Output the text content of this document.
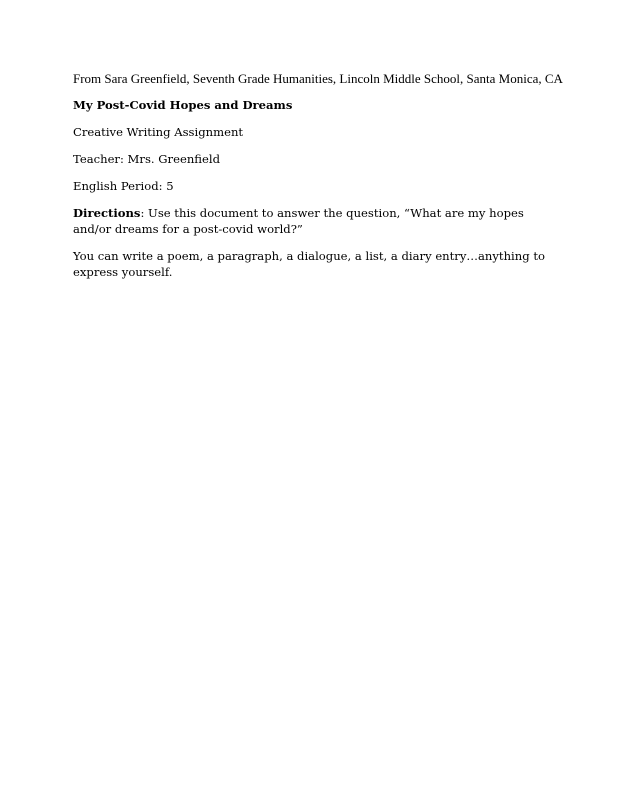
From Sara Greenfield, Seventh Grade Humanities, Lincoln Middle School, Santa Monica, CA
My Post-Covid Hopes and Dreams
Creative Writing Assignment
Teacher: Mrs. Greenfield
English Period: 5
Directions: Use this document to answer the question, “What are my hopes and/or dreams for a post-covid world?”
You can write a poem, a paragraph, a dialogue, a list, a diary entry…anything to express yourself.
